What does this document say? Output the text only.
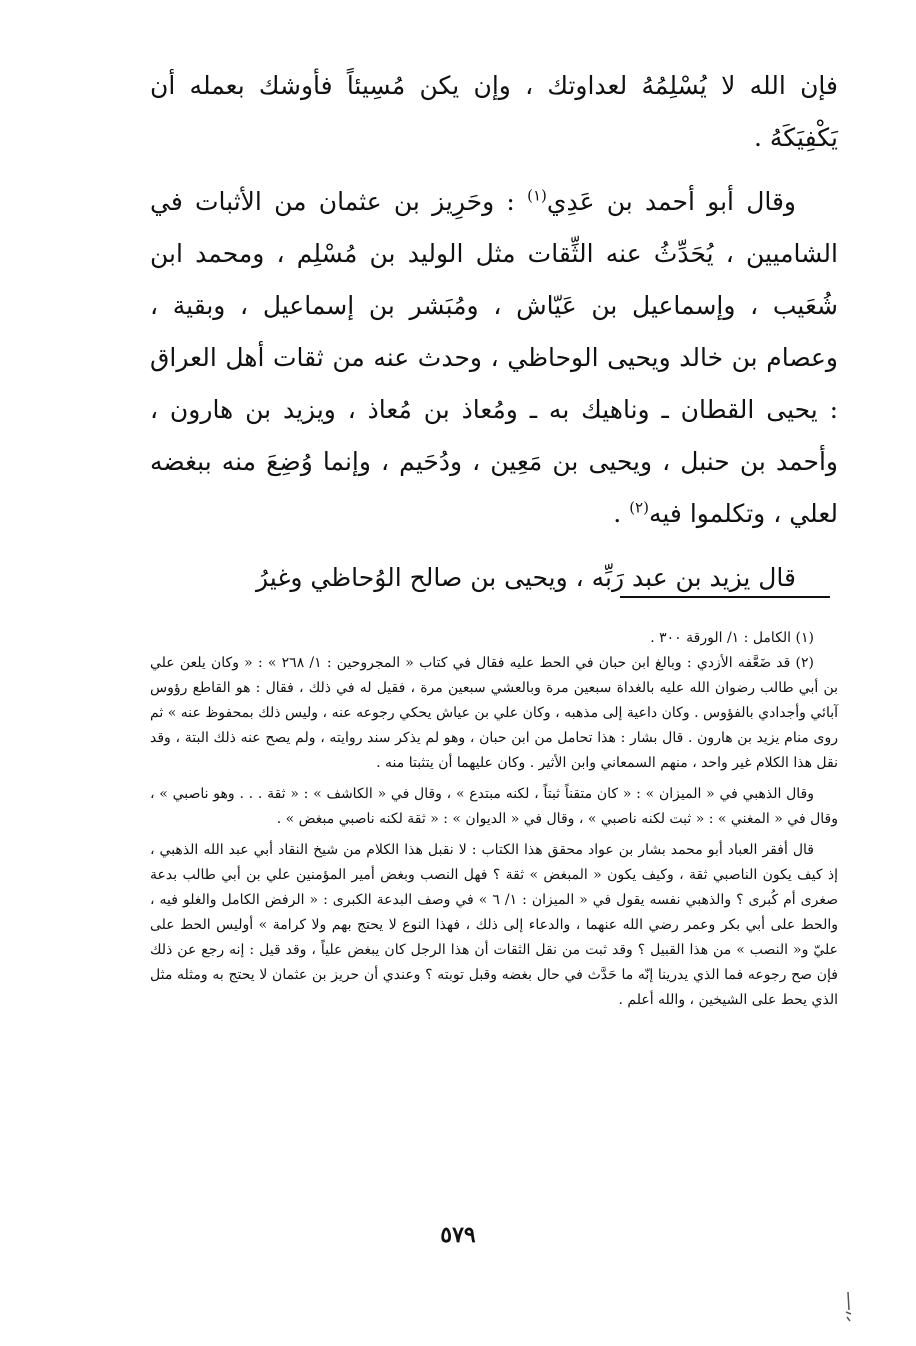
فإن الله لا يُسْلِمُهُ لعداوتك ، وإن يكن مُسِيئاً فأوشك بعمله أن يَكْفِيَكَهُ .

وقال أبو أحمد بن عَدِي$^{(١)}$ : وحَرِيز بن عثمان من الأثبات في الشاميين ، يُحَدِّثُ عنه الثِّقات مثل الوليد بن مُسْلِم ، ومحمد ابن شُعَيب ، وإسماعيل بن عَيّاش ، ومُبَشر بن إسماعيل ، وبقية ، وعصام بن خالد ويحيى الوحاظي ، وحدث عنه من ثقات أهل العراق : يحيى القطان ـ وناهيك به ـ ومُعاذ بن مُعاذ ، ويزيد بن هارون ، وأحمد بن حنبل ، ويحيى بن مَعِين ، ودُحَيم ، وإنما وُضِعَ منه ببغضه لعلي ، وتكلموا فيه$^{(٢)}$ .

قال يزيد بن عبد رَبِّه ، ويحيى بن صالح الوُحاظي وغيرُ

(١) الكامل : ١/ الورقة ٣٠٠ .

(٢) قد ضَعَّفه الأزدي : وبالغ ابن حبان في الحط عليه فقال في كتاب « المجروحين : ١/ ٢٦٨ » : « وكان يلعن علي بن أبي طالب رضوان الله عليه بالغداة سبعين مرة وبالعشي سبعين مرة ، فقيل له في ذلك ، فقال : هو القاطع رؤوس آبائي وأجدادي بالفؤوس . وكان داعية إلى مذهبه ، وكان علي بن عياش يحكي رجوعه عنه ، وليس ذلك بمحفوظ عنه » ثم روى منام يزيد بن هارون . قال بشار : هذا تحامل من ابن حبان ، وهو لم يذكر سند روايته ، ولم يصح عنه ذلك البتة ، وقد نقل هذا الكلام غير واحد ، منهم السمعاني وابن الأثير . وكان عليهما أن يتثبتا منه .

وقال الذهبي في « الميزان » : « كان متقناً ثبتاً ، لكنه مبتدع » ، وقال في « الكاشف » : « ثقة . . . وهو ناصبي » ، وقال في « المغني » : « ثبت لكنه ناصبي » ، وقال في « الديوان » : « ثقة لكنه ناصبي مبغض » .

قال أفقر العباد أبو محمد بشار بن عواد محقق هذا الكتاب : لا نقبل هذا الكلام من شيخ النقاد أبي عبد الله الذهبي ، إذ كيف يكون الناصبي ثقة ، وكيف يكون « المبغض » ثقة ؟ فهل النصب وبغض أمير المؤمنين علي بن أبي طالب بدعة صغرى أم كُبرى ؟ والذهبي نفسه يقول في « الميزان : ١/ ٦ » في وصف البدعة الكبرى : « الرفض الكامل والغلو فيه ، والحط على أبي بكر وعمر رضي الله عنهما ، والدعاء إلى ذلك ، فهذا النوع لا يحتج بهم ولا كرامة » أوليس الحط على عليّ و« النصب » من هذا القبيل ؟ وقد ثبت من نقل الثقات أن هذا الرجل كان يبغض علياً ، وقد قيل : إنه رجع عن ذلك فإن صح رجوعه فما الذي يدرينا إنّه ما حَدَّث في حال بغضه وقبل توبته ؟ وعندي أن حريز بن عثمان لا يحتج به ومثله مثل الذي يحط على الشيخين ، والله أعلم .

٥٧٩
